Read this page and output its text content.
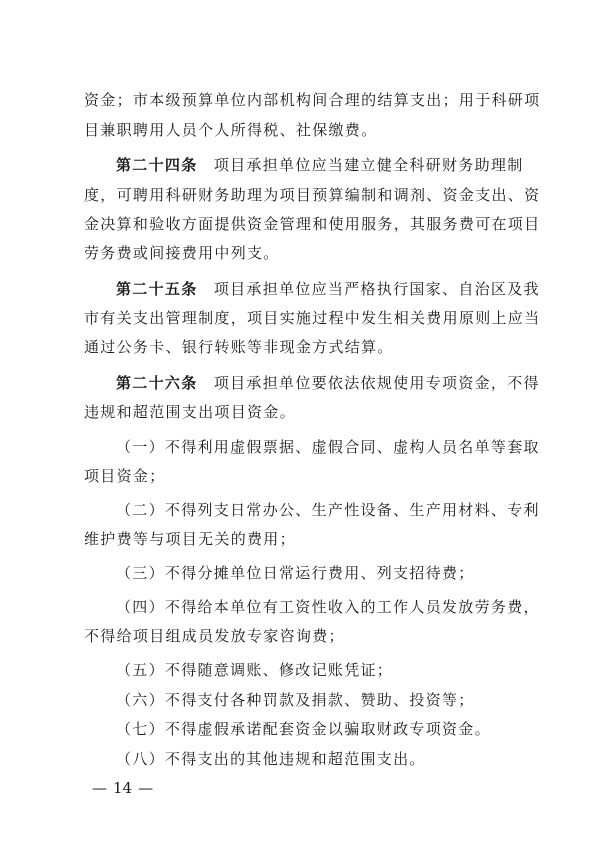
资金；市本级预算单位内部机构间合理的结算支出；用于科研项
目兼职聘用人员个人所得税、社保缴费。
第二十四条　 项目承担单位应当建立健全科研财务助理制
度，可聘用科研财务助理为项目预算编制和调剂、资金支出、资
金决算和验收方面提供资金管理和使用服务，其服务费可在项目
劳务费或间接费用中列支。
第二十五条　 项目承担单位应当严格执行国家、自治区及我
市有关支出管理制度，项目实施过程中发生相关费用原则上应当
通过公务卡、银行转账等非现金方式结算。
第二十六条　 项目承担单位要依法依规使用专项资金，不得
违规和超范围支出项目资金。
（一）不得利用虚假票据、虚假合同、虚构人员名单等套取
项目资金；
（二）不得列支日常办公、生产性设备、生产用材料、专利
维护费等与项目无关的费用；
（三）不得分摊单位日常运行费用、列支招待费；
（四）不得给本单位有工资性收入的工作人员发放劳务费，
不得给项目组成员发放专家咨询费；
（五）不得随意调账、修改记账凭证；
（六）不得支付各种罚款及捐款、赞助、投资等；
（七）不得虚假承诺配套资金以骗取财政专项资金。
（八）不得支出的其他违规和超范围支出。
— 14 —
